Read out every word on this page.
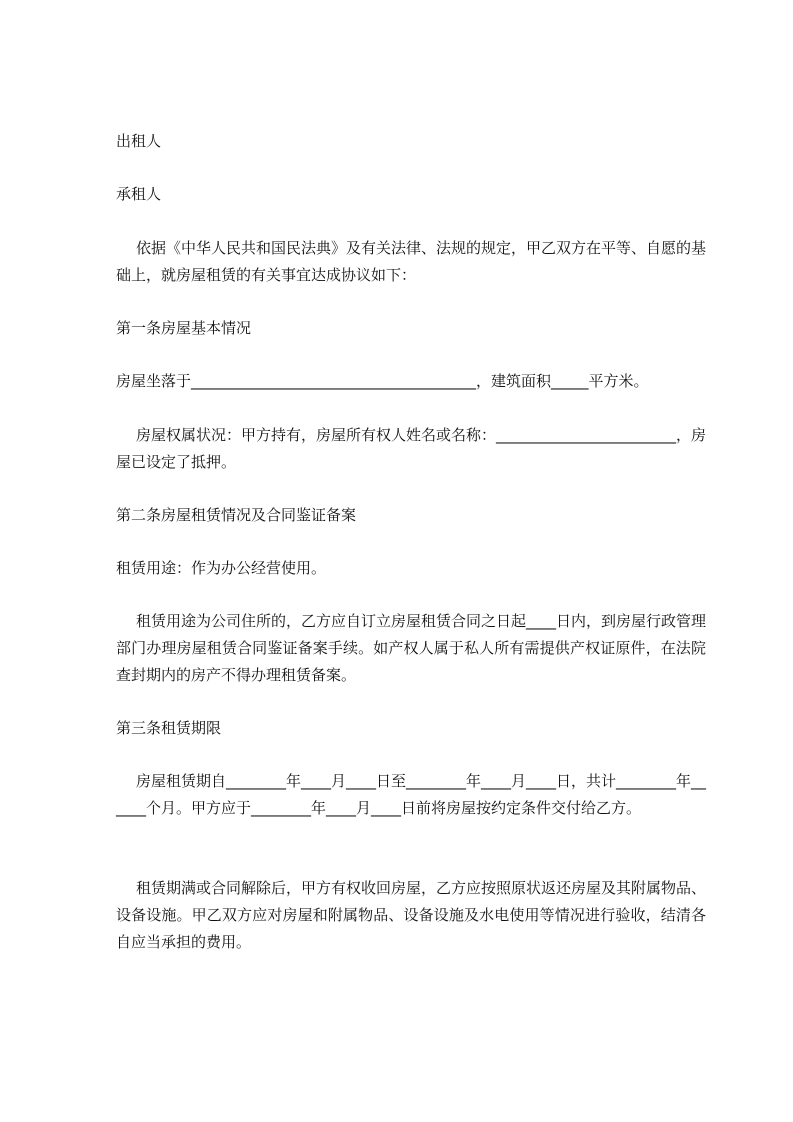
出租人

承租人

依据《中华人民共和国民法典》及有关法律、法规的规定，甲乙双方在平等、自愿的基础上，就房屋租赁的有关事宜达成协议如下：

第一条房屋基本情况

房屋坐落于______________________________________，建筑面积_____平方米。

房屋权属状况：甲方持有，房屋所有权人姓名或名称：________________________，房屋已设定了抵押。

第二条房屋租赁情况及合同鉴证备案

租赁用途：作为办公经营使用。

租赁用途为公司住所的，乙方应自订立房屋租赁合同之日起____日内，到房屋行政管理部门办理房屋租赁合同鉴证备案手续。如产权人属于私人所有需提供产权证原件，在法院查封期内的房产不得办理租赁备案。

第三条租赁期限

房屋租赁期自________年____月____日至________年____月____日，共计________年______个月。甲方应于________年____月____日前将房屋按约定条件交付给乙方。

租赁期满或合同解除后，甲方有权收回房屋，乙方应按照原状返还房屋及其附属物品、设备设施。甲乙双方应对房屋和附属物品、设备设施及水电使用等情况进行验收，结清各自应当承担的费用。
